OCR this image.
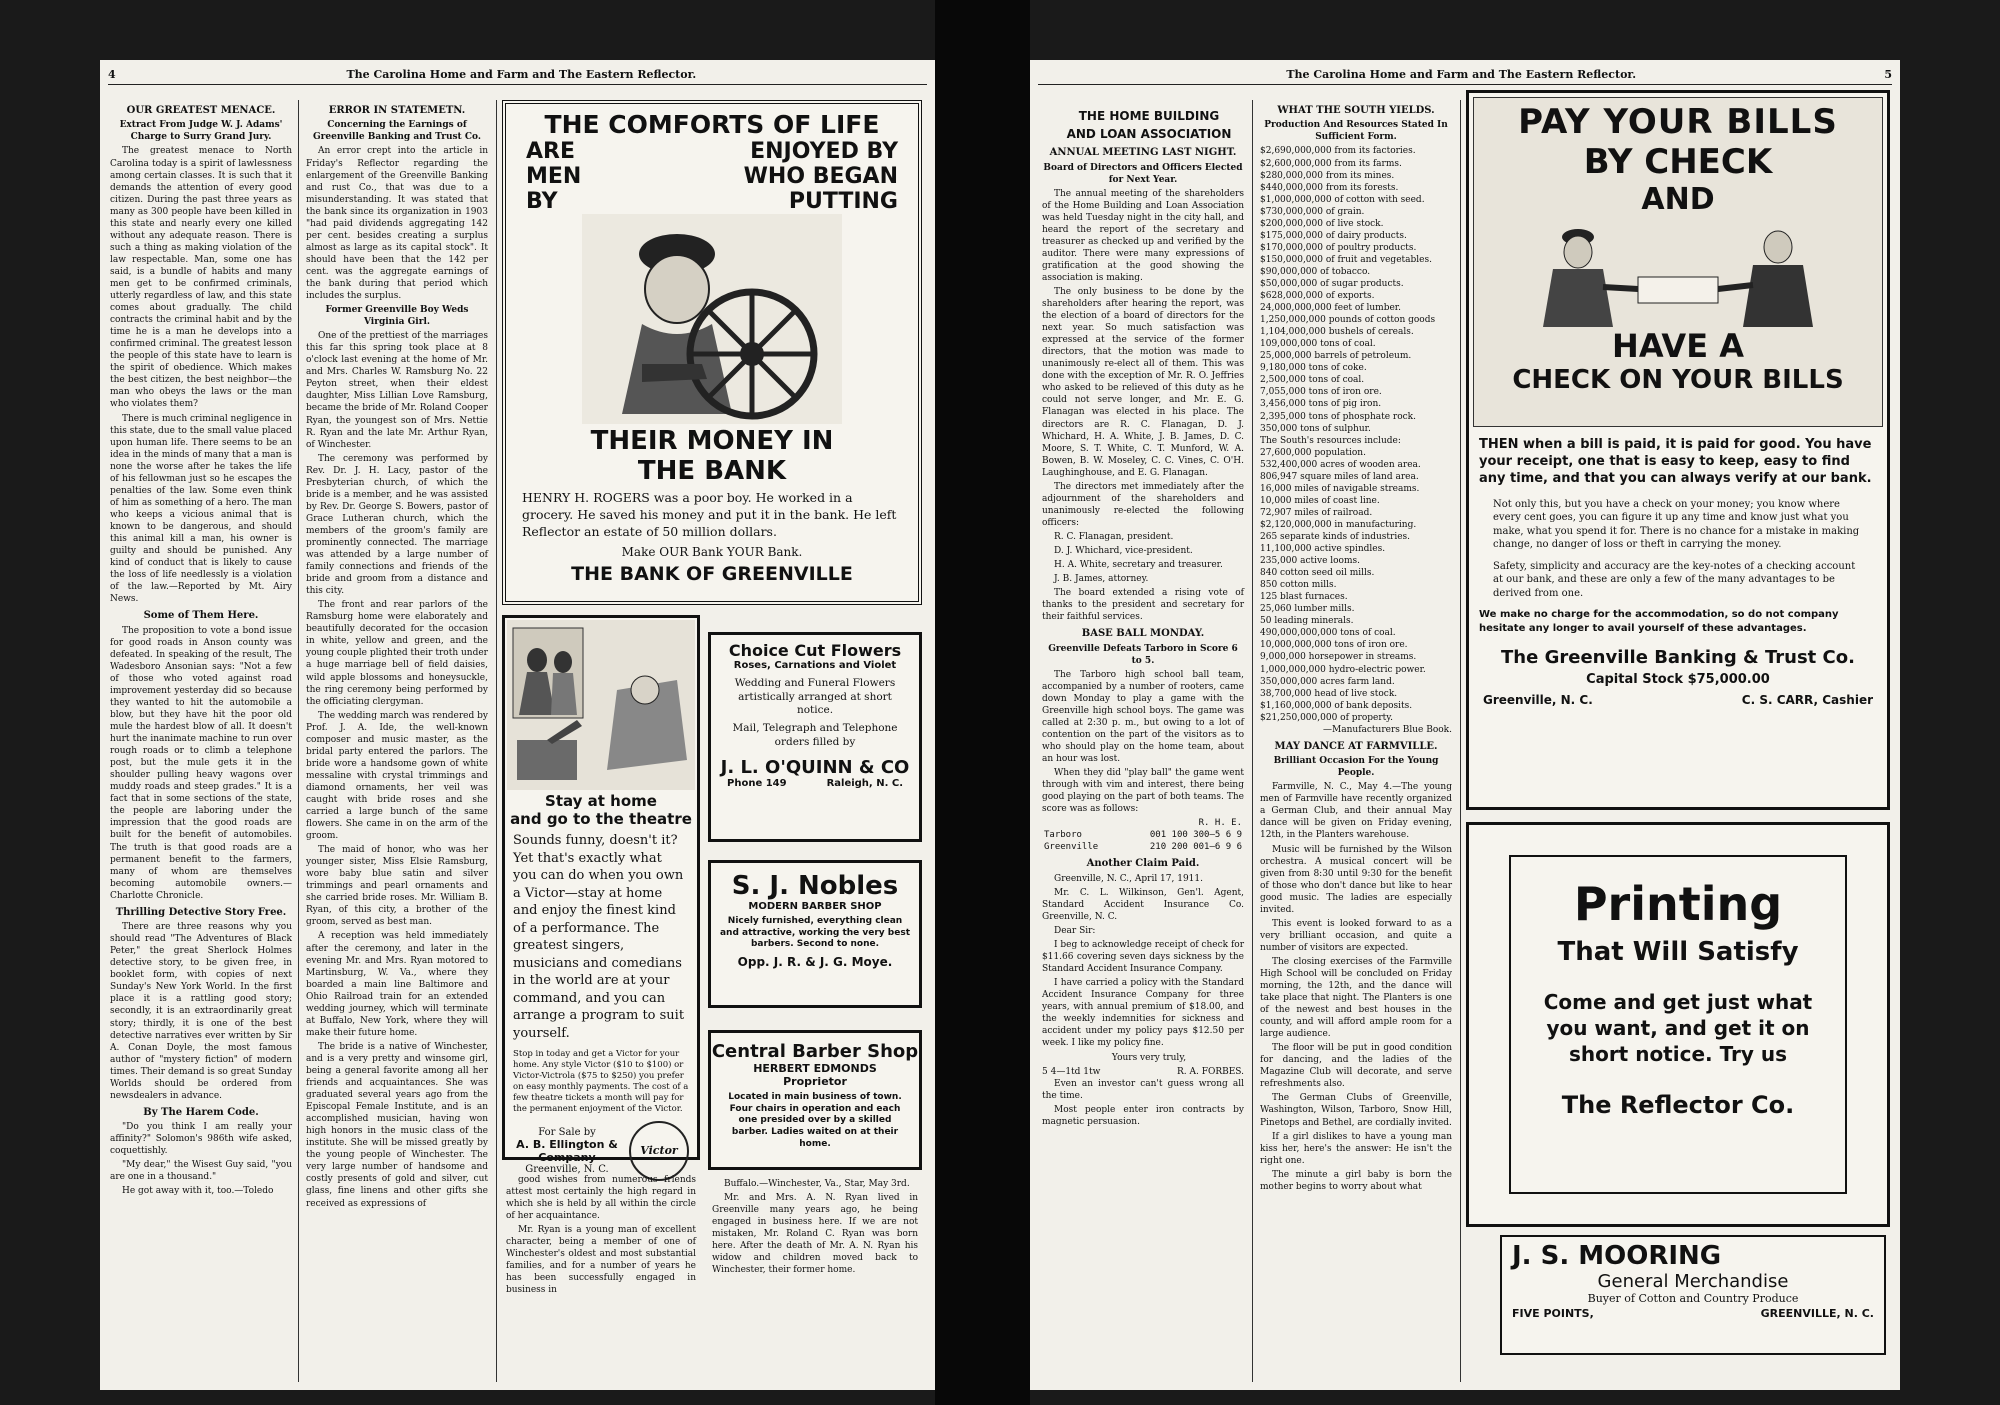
4	The Carolina Home and Farm and The Eastern Reflector.

OUR GREATEST MENACE.

Extract From Judge W. J. Adams' Charge to Surry Grand Jury.

The greatest menace to North Carolina today is a spirit of lawlessness among certain classes. It is such that it demands the attention of every good citizen. During the past three years as many as 300 people have been killed in this state and nearly every one killed without any adequate reason. There is such a thing as making violation of the law respectable. Man, some one has said, is a bundle of habits and many men get to be confirmed criminals, utterly regardless of law, and this state comes about gradually. The child contracts the criminal habit and by the time he is a man he develops into a confirmed criminal. The greatest lesson the people of this state have to learn is the spirit of obedience. Which makes the best citizen, the best neighbor—the man who obeys the laws or the man who violates them?

There is much criminal negligence in this state, due to the small value placed upon human life. There seems to be an idea in the minds of many that a man is none the worse after he takes the life of his fellowman just so he escapes the penalties of the law. Some even think of him as something of a hero. The man who keeps a vicious animal that is known to be dangerous, and should this animal kill a man, his owner is guilty and should be punished. Any kind of conduct that is likely to cause the loss of life needlessly is a violation of the law.—Reported by Mt. Airy News.

Some of Them Here.

The proposition to vote a bond issue for good roads in Anson county was defeated. In speaking of the result, The Wadesboro Ansonian says: "Not a few of those who voted against road improvement yesterday did so because they wanted to hit the automobile a blow, but they have hit the poor old mule the hardest blow of all. It doesn't hurt the inanimate machine to run over rough roads or to climb a telephone post, but the mule gets it in the shoulder pulling heavy wagons over muddy roads and steep grades." It is a fact that in some sections of the state, the people are laboring under the impression that the good roads are built for the benefit of automobiles. The truth is that good roads are a permanent benefit to the farmers, many of whom are themselves becoming automobile owners.—Charlotte Chronicle.

Thrilling Detective Story Free.

There are three reasons why you should read "The Adventures of Black Peter," the great Sherlock Holmes detective story, to be given free, in booklet form, with copies of next Sunday's New York World. In the first place it is a rattling good story; secondly, it is an extraordinarily great story; thirdly, it is one of the best detective narratives ever written by Sir A. Conan Doyle, the most famous author of "mystery fiction" of modern times. Their demand is so great Sunday Worlds should be ordered from newsdealers in advance.

By The Harem Code.

"Do you think I am really your affinity?" Solomon's 986th wife asked, coquettishly.

"My dear," the Wisest Guy said, "you are one in a thousand."

He got away with it, too.—Toledo

ERROR IN STATEMETN.

Concerning the Earnings of Greenville Banking and Trust Co.

An error crept into the article in Friday's Reflector regarding the enlargement of the Greenville Banking and rust Co., that was due to a misunderstanding. It was stated that the bank since its organization in 1903 "had paid dividends aggregating 142 per cent. besides creating a surplus almost as large as its capital stock". It should have been that the 142 per cent. was the aggregate earnings of the bank during that period which includes the surplus.

Former Greenville Boy Weds Virginia Girl.

One of the prettiest of the marriages this far this spring took place at 8 o'clock last evening at the home of Mr. and Mrs. Charles W. Ramsburg No. 22 Peyton street, when their eldest daughter, Miss Lillian Love Ramsburg, became the bride of Mr. Roland Cooper Ryan, the youngest son of Mrs. Nettie R. Ryan and the late Mr. Arthur Ryan, of Winchester.

The ceremony was performed by Rev. Dr. J. H. Lacy, pastor of the Presbyterian church, of which the bride is a member, and he was assisted by Rev. Dr. George S. Bowers, pastor of Grace Lutheran church, which the members of the groom's family are prominently connected. The marriage was attended by a large number of family connections and friends of the bride and groom from a distance and this city.

The front and rear parlors of the Ramsburg home were elaborately and beautifully decorated for the occasion in white, yellow and green, and the young couple plighted their troth under a huge marriage bell of field daisies, wild apple blossoms and honeysuckle, the ring ceremony being performed by the officiating clergyman.

The wedding march was rendered by Prof. J. A. Ide, the well-known composer and music master, as the bridal party entered the parlors. The bride wore a handsome gown of white messaline with crystal trimmings and diamond ornaments, her veil was caught with bride roses and she carried a large bunch of the same flowers. She came in on the arm of the groom.

The maid of honor, who was her younger sister, Miss Elsie Ramsburg, wore baby blue satin and silver trimmings and pearl ornaments and she carried bride roses. Mr. William B. Ryan, of this city, a brother of the groom, served as best man.

A reception was held immediately after the ceremony, and later in the evening Mr. and Mrs. Ryan motored to Martinsburg, W. Va., where they boarded a main line Baltimore and Ohio Railroad train for an extended wedding journey, which will terminate at Buffalo, New York, where they will make their future home.

The bride is a native of Winchester, and is a very pretty and winsome girl, being a general favorite among all her friends and acquaintances. She was graduated several years ago from the Episcopal Female Institute, and is an accomplished musician, having won high honors in the music class of the institute. She will be missed greatly by the young people of Winchester. The very large number of handsome and costly presents of gold and silver, cut glass, fine linens and other gifts she received as expressions of

THE COMFORTS OF LIFE
ARE	ENJOYED BY
MEN	WHO BEGAN
BY	PUTTING
THEIR MONEY IN
THE BANK

HENRY H. ROGERS was a poor boy. He worked in a grocery. He saved his money and put it in the bank. He left Reflector an estate of 50 million dollars.

Make OUR Bank YOUR Bank.

THE BANK OF GREENVILLE
Stay at home
and go to the theatre

Sounds funny, doesn't it? Yet that's exactly what you can do when you own a Victor—stay at home and enjoy the finest kind of a performance. The greatest singers, musicians and comedians in the world are at your command, and you can arrange a program to suit yourself.

Stop in today and get a Victor for your home. Any style Victor ($10 to $100) or Victor-Victrola ($75 to $250) you prefer on easy monthly payments. The cost of a few theatre tickets a month will pay for the permanent enjoyment of the Victor.

For Sale by

A. B. Ellington &

Company

Greenville, N. C.

Victor
Choice Cut Flowers
Roses, Carnations and Violet

Wedding and Funeral Flowers artistically arranged at short notice.

Mail, Telegraph and Telephone orders filled by

J. L. O'QUINN & CO
Phone 149	Raleigh, N. C.
S. J. Nobles
MODERN BARBER SHOP

Nicely furnished, everything clean and attractive, working the very best barbers. Second to none.

Opp. J. R. & J. G. Moye.
Central Barber Shop
HERBERT EDMONDS
Proprietor

Located in main business of town. Four chairs in operation and each one presided over by a skilled barber. Ladies waited on at their home.

good wishes from numerous friends attest most certainly the high regard in which she is held by all within the circle of her acquaintance.

Mr. Ryan is a young man of excellent character, being a member of one of Winchester's oldest and most substantial families, and for a number of years he has been successfully engaged in business in

Buffalo.—Winchester, Va., Star, May 3rd.

Mr. and Mrs. A. N. Ryan lived in Greenville many years ago, he being engaged in business here. If we are not mistaken, Mr. Roland C. Ryan was born here. After the death of Mr. A. N. Ryan his widow and children moved back to Winchester, their former home.

The Carolina Home and Farm and The Eastern Reflector.	5

THE HOME BUILDING

AND LOAN ASSOCIATION

ANNUAL MEETING LAST NIGHT.

Board of Directors and Officers Elected for Next Year.

The annual meeting of the shareholders of the Home Building and Loan Association was held Tuesday night in the city hall, and heard the report of the secretary and treasurer as checked up and verified by the auditor. There were many expressions of gratification at the good showing the association is making.

The only business to be done by the shareholders after hearing the report, was the election of a board of directors for the next year. So much satisfaction was expressed at the service of the former directors, that the motion was made to unanimously re-elect all of them. This was done with the exception of Mr. R. O. Jeffries who asked to be relieved of this duty as he could not serve longer, and Mr. E. G. Flanagan was elected in his place. The directors are R. C. Flanagan, D. J. Whichard, H. A. White, J. B. James, D. C. Moore, S. T. White, C. T. Munford, W. A. Bowen, B. W. Moseley, C. C. Vines, C. O'H. Laughinghouse, and E. G. Flanagan.

The directors met immediately after the adjournment of the shareholders and unanimously re-elected the following officers:

R. C. Flanagan, president.

D. J. Whichard, vice-president.

H. A. White, secretary and treasurer.

J. B. James, attorney.

The board extended a rising vote of thanks to the president and secretary for their faithful services.

BASE BALL MONDAY.

Greenville Defeats Tarboro in Score 6 to 5.

The Tarboro high school ball team, accompanied by a number of rooters, came down Monday to play a game with the Greenville high school boys. The game was called at 2:30 p. m., but owing to a lot of contention on the part of the visitors as to who should play on the home team, about an hour was lost.

When they did "play ball" the game went through with vim and interest, there being good playing on the part of both teams. The score was as follows:

	R. H. E.
Tarboro	001 100 300—5 6 9
Greenville	210 200 001—6 9 6

Another Claim Paid.

Greenville, N. C., April 17, 1911.

Mr. C. L. Wilkinson, Gen'l. Agent, Standard Accident Insurance Co. Greenville, N. C.

Dear Sir:

I beg to acknowledge receipt of check for $11.66 covering seven days sickness by the Standard Accident Insurance Company.

I have carried a policy with the Standard Accident Insurance Company for three years, with annual premium of $18.00, and the weekly indemnities for sickness and accident under my policy pays $12.50 per week. I like my policy fine.

Yours very truly,

5 4—1td 1tw	R. A. FORBES.

Even an investor can't guess wrong all the time.

Most people enter iron contracts by magnetic persuasion.

WHAT THE SOUTH YIELDS.

Production And Resources Stated In Sufficient Form.

$2,690,000,000 from its factories.

$2,600,000,000 from its farms.

$280,000,000 from its mines.

$440,000,000 from its forests.

$1,000,000,000 of cotton with seed.

$730,000,000 of grain.

$200,000,000 of live stock.

$175,000,000 of dairy products.

$170,000,000 of poultry products.

$150,000,000 of fruit and vegetables.

$90,000,000 of tobacco.

$50,000,000 of sugar products.

$628,000,000 of exports.

24,000,000,000 feet of lumber.

1,250,000,000 pounds of cotton goods

1,104,000,000 bushels of cereals.

109,000,000 tons of coal.

25,000,000 barrels of petroleum.

9,180,000 tons of coke.

2,500,000 tons of coal.

7,055,000 tons of iron ore.

3,456,000 tons of pig iron.

2,395,000 tons of phosphate rock.

350,000 tons of sulphur.

The South's resources include:

27,600,000 population.

532,400,000 acres of wooden area.

806,947 square miles of land area.

16,000 miles of navigable streams.

10,000 miles of coast line.

72,907 miles of railroad.

$2,120,000,000 in manufacturing.

265 separate kinds of industries.

11,100,000 active spindles.

235,000 active looms.

840 cotton seed oil mills.

850 cotton mills.

125 blast furnaces.

25,060 lumber mills.

50 leading minerals.

490,000,000,000 tons of coal.

10,000,000,000 tons of iron ore.

9,000,000 horsepower in streams.

1,000,000,000 hydro-electric power.

350,000,000 acres farm land.

38,700,000 head of live stock.

$1,160,000,000 of bank deposits.

$21,250,000,000 of property.

—Manufacturers Blue Book.

MAY DANCE AT FARMVILLE.

Brilliant Occasion For the Young People.

Farmville, N. C., May 4.—The young men of Farmville have recently organized a German Club, and their annual May dance will be given on Friday evening, 12th, in the Planters warehouse.

Music will be furnished by the Wilson orchestra. A musical concert will be given from 8:30 until 9:30 for the benefit of those who don't dance but like to hear good music. The ladies are especially invited.

This event is looked forward to as a very brilliant occasion, and quite a number of visitors are expected.

The closing exercises of the Farmville High School will be concluded on Friday morning, the 12th, and the dance will take place that night. The Planters is one of the newest and best houses in the county, and will afford ample room for a large audience.

The floor will be put in good condition for dancing, and the ladies of the Magazine Club will decorate, and serve refreshments also.

The German Clubs of Greenville, Washington, Wilson, Tarboro, Snow Hill, Pinetops and Bethel, are cordially invited.

If a girl dislikes to have a young man kiss her, here's the answer: He isn't the right one.

The minute a girl baby is born the mother begins to worry about what

PAY YOUR BILLS
BY CHECK
AND
HAVE A
CHECK ON YOUR BILLS

THEN when a bill is paid, it is paid for good. You have your receipt, one that is easy to keep, easy to find any time, and that you can always verify at our bank.

Not only this, but you have a check on your money; you know where every cent goes, you can figure it up any time and know just what you make, what you spend it for. There is no chance for a mistake in making change, no danger of loss or theft in carrying the money.

Safety, simplicity and accuracy are the key-notes of a checking account at our bank, and these are only a few of the many advantages to be derived from one.

We make no charge for the accommodation, so do not company hesitate any longer to avail yourself of these advantages.

The Greenville Banking & Trust Co.
Capital Stock $75,000.00
Greenville, N. C.	C. S. CARR, Cashier
Printing
That Will Satisfy
Come and get just what you want, and get it on short notice. Try us
The Reflector Co.
J. S. MOORING
General Merchandise
Buyer of Cotton and Country Produce
FIVE POINTS,	GREENVILLE, N. C.
